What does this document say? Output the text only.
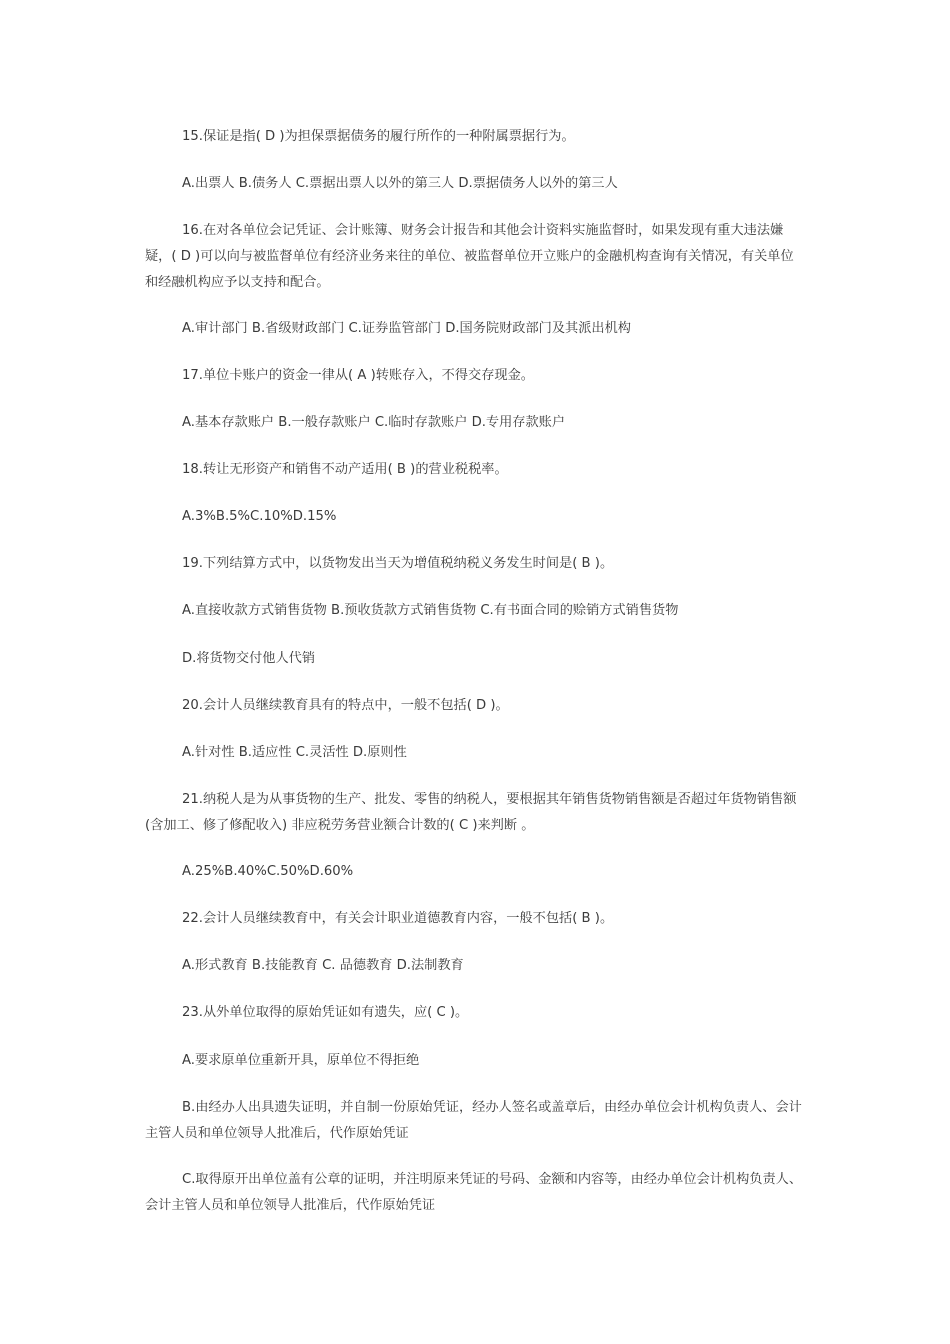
15.保证是指( D )为担保票据债务的履行所作的一种附属票据行为。

A.出票人 B.债务人 C.票据出票人以外的第三人 D.票据债务人以外的第三人

16.在对各单位会记凭证、会计账簿、财务会计报告和其他会计资料实施监督时，如果发现有重大违法嫌疑，( D )可以向与被监督单位有经济业务来往的单位、被监督单位开立账户的金融机构查询有关情况，有关单位和经融机构应予以支持和配合。

A.审计部门 B.省级财政部门 C.证券监管部门 D.国务院财政部门及其派出机构

17.单位卡账户的资金一律从( A )转账存入，不得交存现金。

A.基本存款账户 B.一般存款账户 C.临时存款账户 D.专用存款账户

18.转让无形资产和销售不动产适用( B )的营业税税率。

A.3%B.5%C.10%D.15%

19.下列结算方式中，以货物发出当天为增值税纳税义务发生时间是( B )。

A.直接收款方式销售货物 B.预收货款方式销售货物 C.有书面合同的赊销方式销售货物

D.将货物交付他人代销

20.会计人员继续教育具有的特点中，一般不包括( D )。

A.针对性 B.适应性 C.灵活性 D.原则性

21.纳税人是为从事货物的生产、批发、零售的纳税人，要根据其年销售货物销售额是否超过年货物销售额(含加工、修了修配收入) 非应税劳务营业额合计数的( C )来判断 。

A.25%B.40%C.50%D.60%

22.会计人员继续教育中，有关会计职业道德教育内容，一般不包括( B )。

A.形式教育 B.技能教育 C. 品德教育 D.法制教育

23.从外单位取得的原始凭证如有遗失，应( C )。

A.要求原单位重新开具，原单位不得拒绝

B.由经办人出具遗失证明，并自制一份原始凭证，经办人签名或盖章后，由经办单位会计机构负责人、会计主管人员和单位领导人批准后，代作原始凭证

C.取得原开出单位盖有公章的证明，并注明原来凭证的号码、金额和内容等，由经办单位会计机构负责人、会计主管人员和单位领导人批准后，代作原始凭证
